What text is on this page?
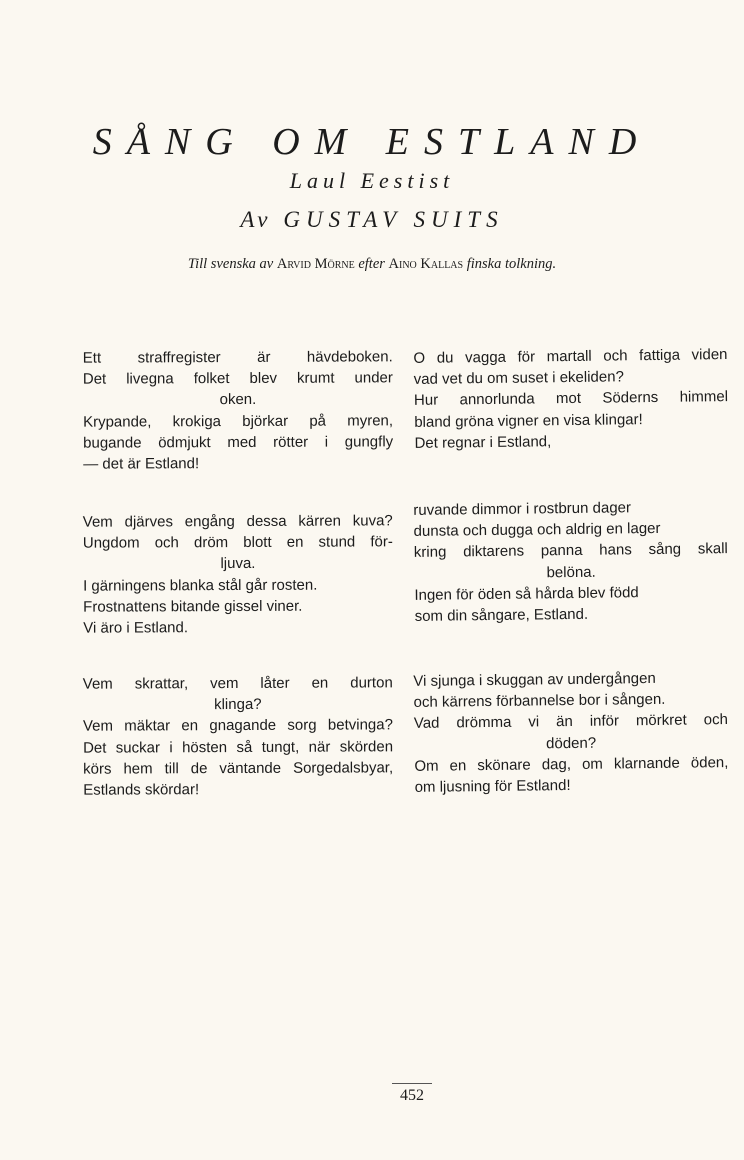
SÅNG OM ESTLAND
Laul Eestist
Av GUSTAV SUITS
Till svenska av Arvid Mörne efter Aino Kallas finska tolkning.
Ett straffregister är hävdeboken.
Det livegna folket blev krumt under
oken.
Krypande, krokiga björkar på myren,
bugande ödmjukt med rötter i gungfly
— det är Estland!
Vem djärves engång dessa kärren kuva?
Ungdom och dröm blott en stund för-
ljuva.
I gärningens blanka stål går rosten.
Frostnattens bitande gissel viner.
Vi äro i Estland.
Vem skrattar, vem låter en durton
klinga?
Vem mäktar en gnagande sorg betvinga?
Det suckar i hösten så tungt, när skörden
körs hem till de väntande Sorgedalsbyar,
Estlands skördar!
O du vagga för martall och fattiga viden
vad vet du om suset i ekeliden?
Hur annorlunda mot Söderns himmel
bland gröna vigner en visa klingar!
Det regnar i Estland,
ruvande dimmor i rostbrun dager
dunsta och dugga och aldrig en lager
kring diktarens panna hans sång skall
belöna.
Ingen för öden så hårda blev född
som din sångare, Estland.
Vi sjunga i skuggan av undergången
och kärrens förbannelse bor i sången.
Vad drömma vi än inför mörkret och
döden?
Om en skönare dag, om klarnande öden,
om ljusning för Estland!
452
